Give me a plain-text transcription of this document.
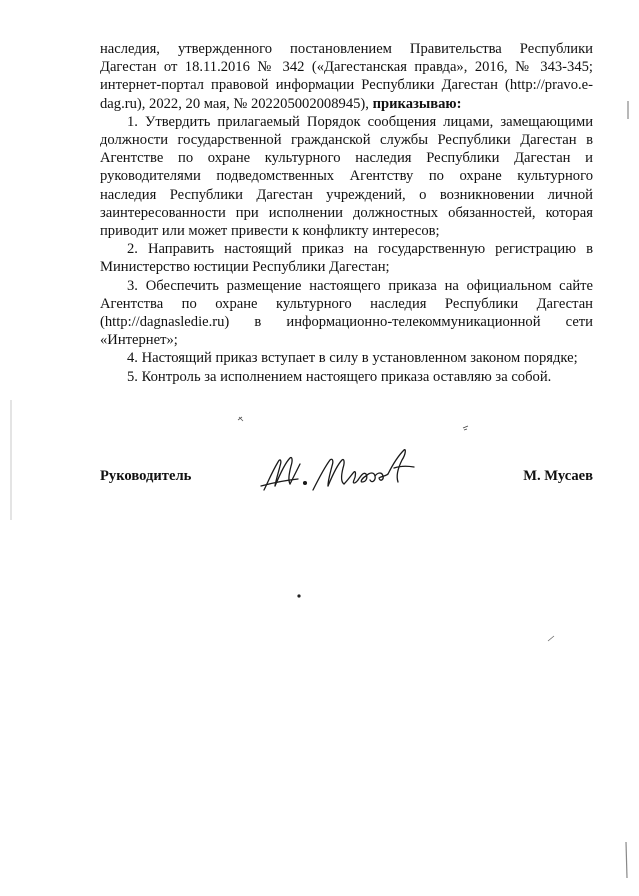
наследия, утвержденного постановлением Правительства Республики Дагестан от 18.11.2016 № 342 («Дагестанская правда», 2016, № 343-345; интернет-портал правовой информации Республики Дагестан (http://pravo.e-dag.ru), 2022, 20 мая, № 202205002008945), приказываю:

1. Утвердить прилагаемый Порядок сообщения лицами, замещающими должности государственной гражданской службы Республики Дагестан в Агентстве по охране культурного наследия Республики Дагестан и руководителями подведомственных Агентству по охране культурного наследия Республики Дагестан учреждений, о возникновении личной заинтересованности при исполнении должностных обязанностей, которая приводит или может привести к конфликту интересов;

2. Направить настоящий приказ на государственную регистрацию в Министерство юстиции Республики Дагестан;

3. Обеспечить размещение настоящего приказа на официальном сайте Агентства по охране культурного наследия Республики Дагестан (http://dagnasledie.ru) в информационно-телекоммуникационной сети «Интернет»;

4. Настоящий приказ вступает в силу в установленном законом порядке;

5. Контроль за исполнением настоящего приказа оставляю за собой.

Руководитель	М. Мусаев
